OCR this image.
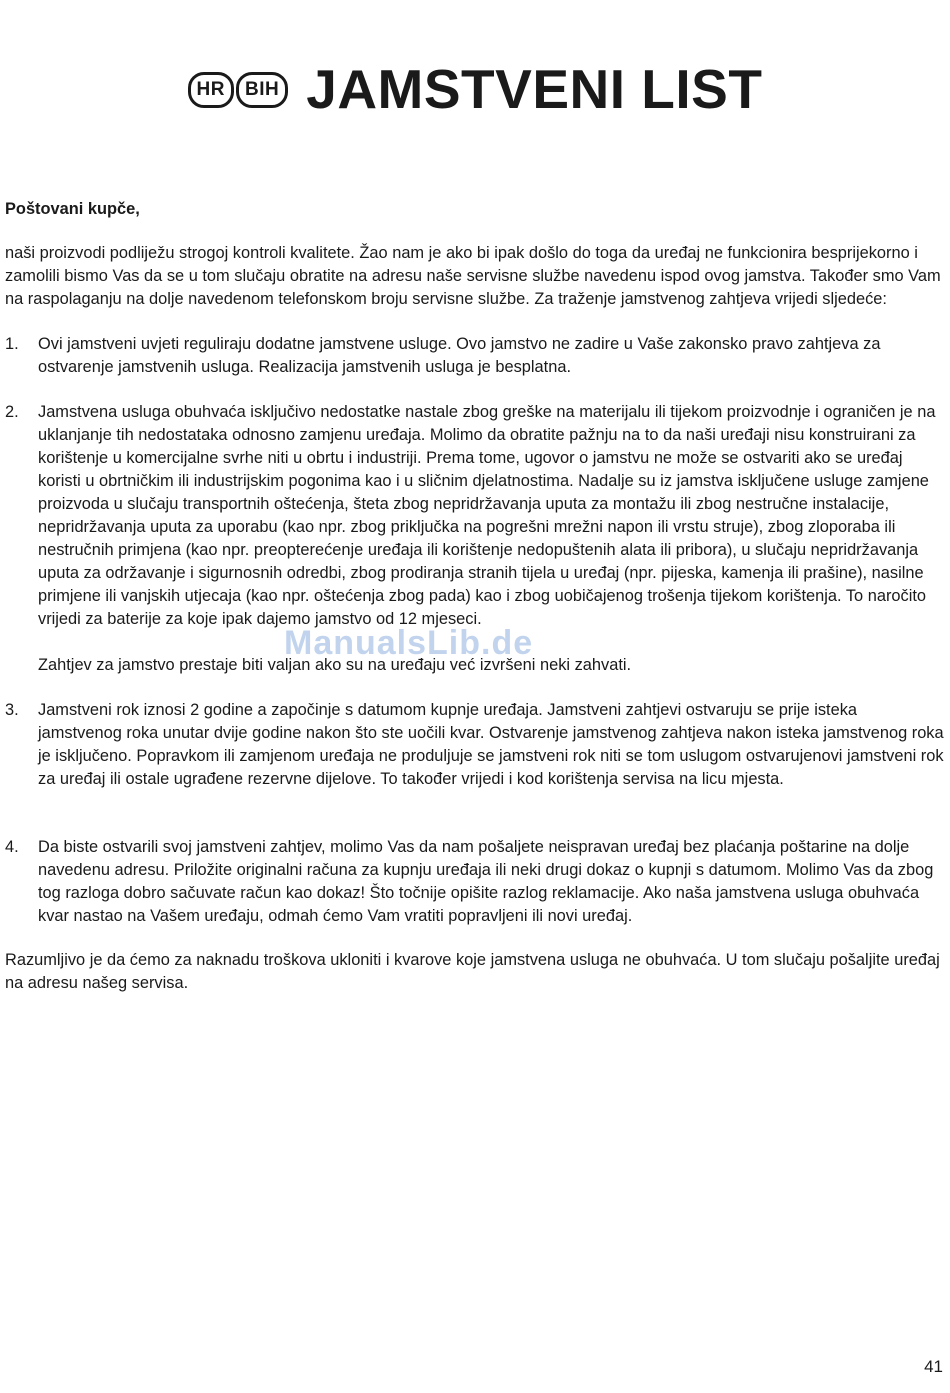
HR	BIH JAMSTVENI LIST

Poštovani kupče,

naši proizvodi podliježu strogoj kontroli kvalitete. Žao nam je ako bi ipak došlo do toga da uređaj ne funkcionira besprijekorno i zamolili bismo Vas da se u tom slučaju obratite na adresu naše servisne službe navedenu ispod ovog jamstva. Također smo Vam na raspolaganju na dolje navedenom telefonskom broju servisne službe. Za traženje jamstvenog zahtjeva vrijedi sljedeće:

1.	Ovi jamstveni uvjeti reguliraju dodatne jamstvene usluge. Ovo jamstvo ne zadire u Vaše zakonsko pravo zahtjeva za ostvarenje jamstvenih usluga. Realizacija jamstvenih usluga je besplatna.
2.	Jamstvena usluga obuhvaća isključivo nedostatke nastale zbog greške na materijalu ili tijekom proizvodnje i ograničen je na uklanjanje tih nedostataka odnosno zamjenu uređaja. Molimo da obratite pažnju na to da naši uređaji nisu konstruirani za korištenje u komercijalne svrhe niti u obrtu i industriji. Prema tome, ugovor o jamstvu ne može se ostvariti ako se uređaj koristi u obrtničkim ili industrijskim pogonima kao i u sličnim djelatnostima. Nadalje su iz jamstva isključene usluge zamjene proizvoda u slučaju transportnih oštećenja, šteta zbog nepridržavanja uputa za montažu ili zbog nestručne instalacije, nepridržavanja uputa za uporabu (kao npr. zbog priključka na pogrešni mrežni napon ili vrstu struje), zbog zloporaba ili nestručnih primjena (kao npr. preopterećenje uređaja ili korištenje nedopuštenih alata ili pribora), u slučaju nepridržavanja uputa za održavanje i sigurnosnih odredbi, zbog prodiranja stranih tijela u uređaj (npr. pijeska, kamenja ili prašine), nasilne primjene ili vanjskih utjecaja (kao npr. oštećenja zbog pada) kao i zbog uobičajenog trošenja tijekom korištenja. To naročito vrijedi za baterije za koje ipak dajemo jamstvo od 12 mjeseci.

Zahtjev za jamstvo prestaje biti valjan ako su na uređaju već izvršeni neki zahvati.

3.	Jamstveni rok iznosi 2 godine a započinje s datumom kupnje uređaja. Jamstveni zahtjevi ostvaruju se prije isteka jamstvenog roka unutar dvije godine nakon što ste uočili kvar. Ostvarenje jamstvenog zahtjeva nakon isteka jamstvenog roka je isključeno. Popravkom ili zamjenom uređaja ne produljuje se jamstveni rok niti se tom uslugom ostvarujenovi jamstveni rok za uređaj ili ostale ugrađene rezervne dijelove. To također vrijedi i kod korištenja servisa na licu mjesta.
4.	Da biste ostvarili svoj jamstveni zahtjev, molimo Vas da nam pošaljete neispravan uređaj bez plaćanja poštarine na dolje navedenu adresu. Priložite originalni računa za kupnju uređaja ili neki drugi dokaz o kupnji s datumom. Molimo Vas da zbog tog razloga dobro sačuvate račun kao dokaz! Što točnije opišite razlog reklamacije. Ako naša jamstvena usluga obuhvaća kvar nastao na Vašem uređaju, odmah ćemo Vam vratiti popravljeni ili novi uređaj.

Razumljivo je da ćemo za naknadu troškova ukloniti i kvarove koje jamstvena usluga ne obuhvaća. U tom slučaju pošaljite uređaj na adresu našeg servisa.

ManualsLib.de
41
